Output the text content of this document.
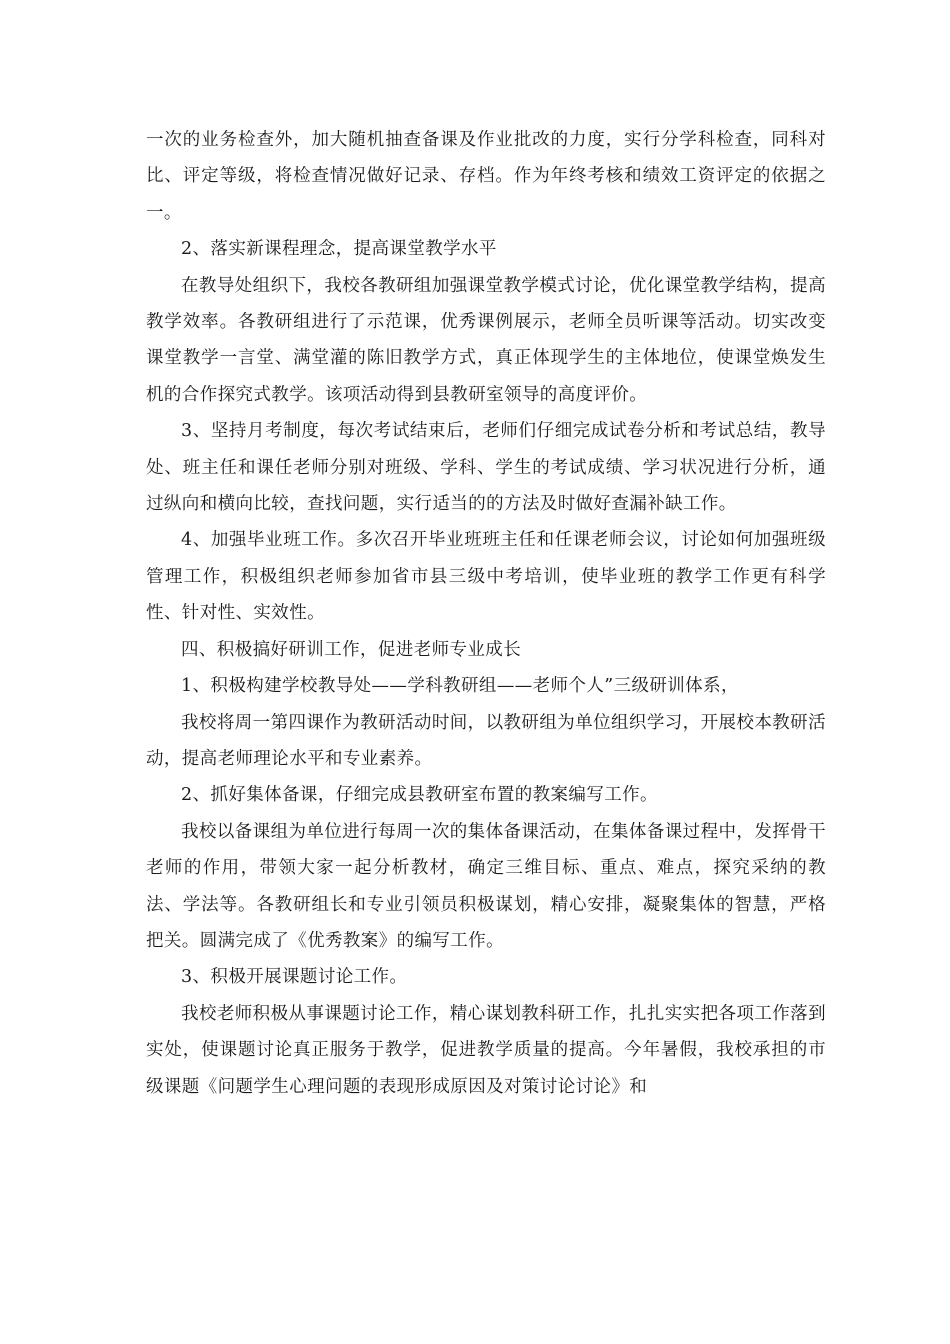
一次的业务检查外，加大随机抽查备课及作业批改的力度，实行分学科检查，同科对比、评定等级，将检查情况做好记录、存档。作为年终考核和绩效工资评定的依据之一。

2、落实新课程理念，提高课堂教学水平

在教导处组织下，我校各教研组加强课堂教学模式讨论，优化课堂教学结构，提高教学效率。各教研组进行了示范课，优秀课例展示，老师全员听课等活动。切实改变课堂教学一言堂、满堂灌的陈旧教学方式，真正体现学生的主体地位，使课堂焕发生机的合作探究式教学。该项活动得到县教研室领导的高度评价。

3、坚持月考制度，每次考试结束后，老师们仔细完成试卷分析和考试总结，教导处、班主任和课任老师分别对班级、学科、学生的考试成绩、学习状况进行分析，通过纵向和横向比较，查找问题，实行适当的的方法及时做好查漏补缺工作。

4、加强毕业班工作。多次召开毕业班班主任和任课老师会议，讨论如何加强班级管理工作，积极组织老师参加省市县三级中考培训，使毕业班的教学工作更有科学性、针对性、实效性。

四、积极搞好研训工作，促进老师专业成长

1、积极构建学校教导处——学科教研组——老师个人”三级研训体系，

我校将周一第四课作为教研活动时间，以教研组为单位组织学习，开展校本教研活动，提高老师理论水平和专业素养。

2、抓好集体备课，仔细完成县教研室布置的教案编写工作。

我校以备课组为单位进行每周一次的集体备课活动，在集体备课过程中，发挥骨干老师的作用，带领大家一起分析教材，确定三维目标、重点、难点，探究采纳的教法、学法等。各教研组长和专业引领员积极谋划，精心安排，凝聚集体的智慧，严格把关。圆满完成了《优秀教案》的编写工作。

3、积极开展课题讨论工作。

我校老师积极从事课题讨论工作，精心谋划教科研工作，扎扎实实把各项工作落到实处，使课题讨论真正服务于教学，促进教学质量的提高。今年暑假，我校承担的市级课题《问题学生心理问题的表现形成原因及对策讨论讨论》和
